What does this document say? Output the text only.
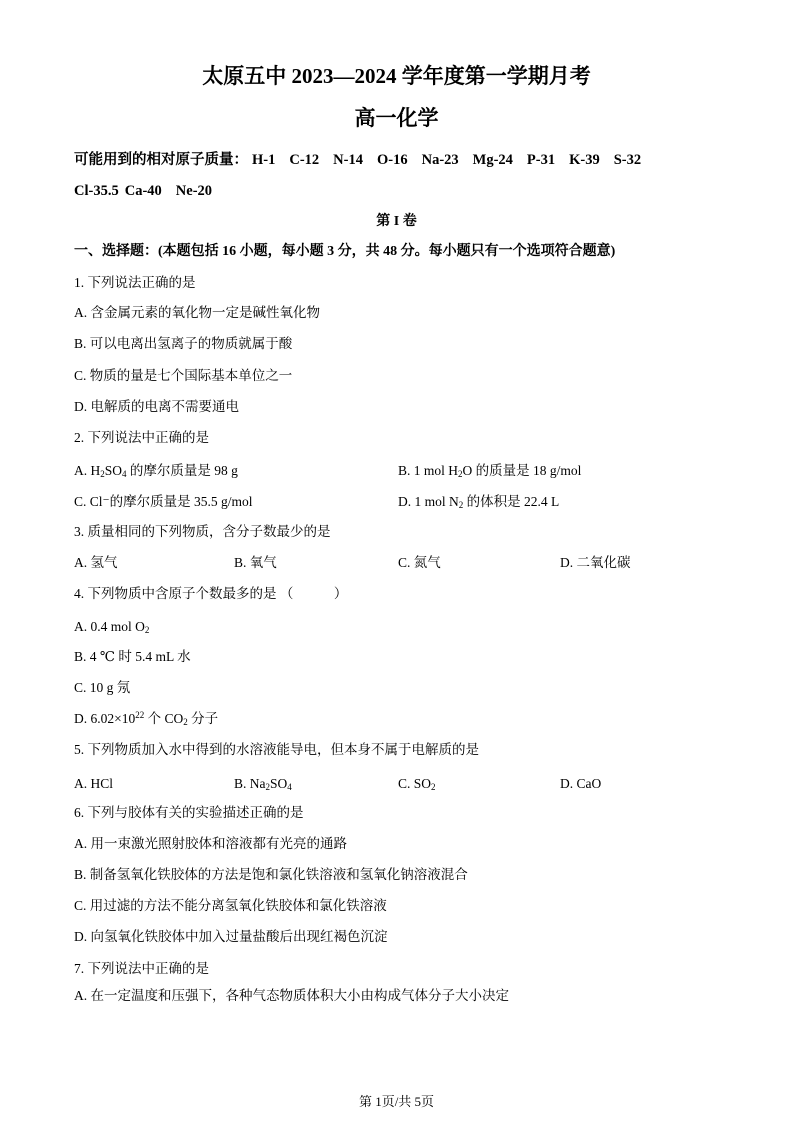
太原五中 2023—2024 学年度第一学期月考
高一化学
可能用到的相对原子质量： H-1 C-12 N-14 O-16 Na-23 Mg-24 P-31 K-39 S-32
Cl-35.5 Ca-40 Ne-20
第 I 卷
一、选择题：(本题包括 16 小题，每小题 3 分，共 48 分。每小题只有一个选项符合题意)
1. 下列说法正确的是
A. 含金属元素的氧化物一定是碱性氧化物
B. 可以电离出氢离子的物质就属于酸
C. 物质的量是七个国际基本单位之一
D. 电解质的电离不需要通电
2. 下列说法中正确的是
A. $H_2SO_4$ 的摩尔质量是 98 g	B. 1 mol $H_2O$ 的质量是 18 g/mol
C. Cl⁻的摩尔质量是 35.5 g/mol	D. 1 mol $N_2$ 的体积是 22.4 L
3. 质量相同的下列物质，含分子数最少的是
A. 氢气	B. 氧气	C. 氮气	D. 二氧化碳
4. 下列物质中含原子个数最多的是 （　　　）
A. 0.4 mol $O_2$
B. 4 ℃ 时 5.4 mL 水
C. 10 g 氖
D. $6.02\times 10^{22}$ 个 $CO_2$ 分子
5. 下列物质加入水中得到的水溶液能导电，但本身不属于电解质的是
A. HCl	B. $Na_2SO_4$	C. $SO_2$	D. CaO
6. 下列与胶体有关的实验描述正确的是
A. 用一束激光照射胶体和溶液都有光亮的通路
B. 制备氢氧化铁胶体的方法是饱和氯化铁溶液和氢氧化钠溶液混合
C. 用过滤的方法不能分离氢氧化铁胶体和氯化铁溶液
D. 向氢氧化铁胶体中加入过量盐酸后出现红褐色沉淀
7. 下列说法中正确的是
A. 在一定温度和压强下，各种气态物质体积大小由构成气体分子大小决定
第 1页/共 5页
